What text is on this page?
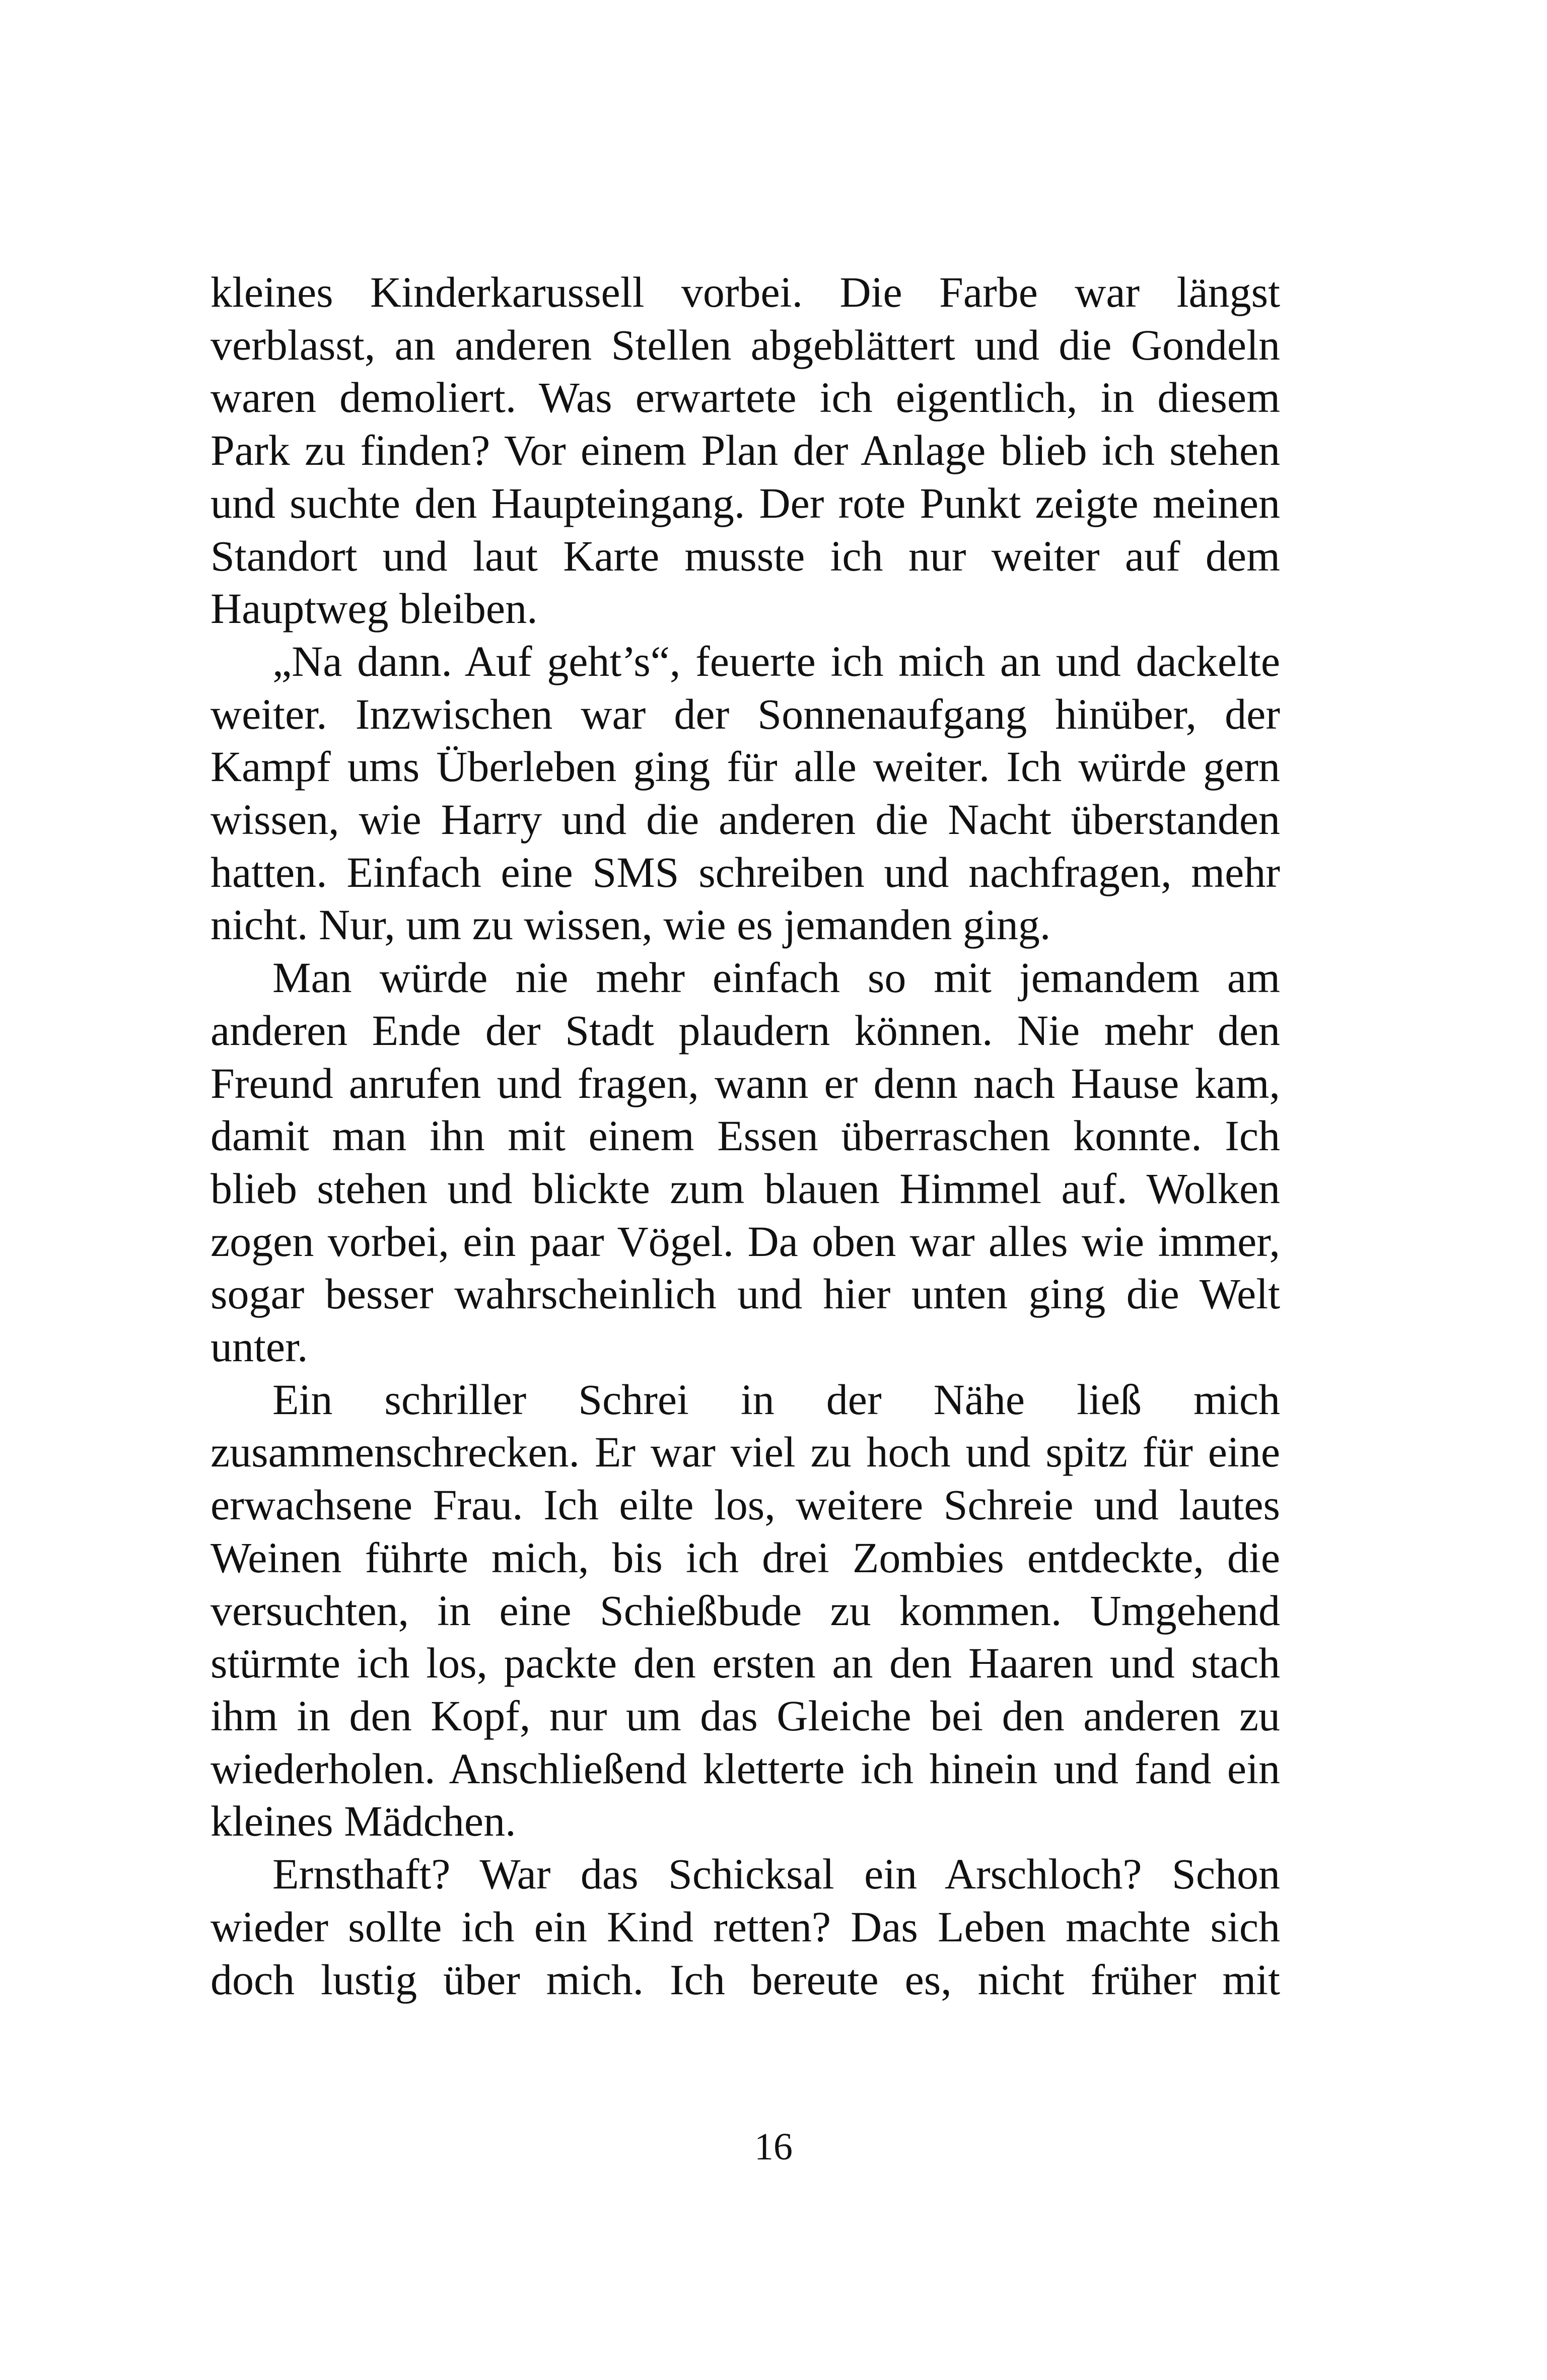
kleines Kinderkarussell vorbei. Die Farbe war längst verblasst, an anderen Stellen abgeblättert und die Gondeln waren demoliert. Was erwartete ich eigentlich, in diesem Park zu finden? Vor einem Plan der Anlage blieb ich stehen und suchte den Haupteingang. Der rote Punkt zeigte meinen Standort und laut Karte musste ich nur weiter auf dem Hauptweg bleiben.

„Na dann. Auf geht’s“, feuerte ich mich an und dackelte weiter. Inzwischen war der Sonnenaufgang hinüber, der Kampf ums Überleben ging für alle weiter. Ich würde gern wissen, wie Harry und die anderen die Nacht überstanden hatten. Einfach eine SMS schreiben und nachfragen, mehr nicht. Nur, um zu wissen, wie es jemanden ging.

Man würde nie mehr einfach so mit jemandem am anderen Ende der Stadt plaudern können. Nie mehr den Freund anrufen und fragen, wann er denn nach Hause kam, damit man ihn mit einem Essen überraschen konnte. Ich blieb stehen und blickte zum blauen Himmel auf. Wolken zogen vorbei, ein paar Vögel. Da oben war alles wie immer, sogar besser wahrscheinlich und hier unten ging die Welt unter.

Ein schriller Schrei in der Nähe ließ mich zusammenschrecken. Er war viel zu hoch und spitz für eine erwachsene Frau. Ich eilte los, weitere Schreie und lautes Weinen führte mich, bis ich drei Zombies entdeckte, die versuchten, in eine Schießbude zu kommen. Umgehend stürmte ich los, packte den ersten an den Haaren und stach ihm in den Kopf, nur um das Gleiche bei den anderen zu wiederholen. Anschließend kletterte ich hinein und fand ein kleines Mädchen.

Ernsthaft? War das Schicksal ein Arschloch? Schon wieder sollte ich ein Kind retten? Das Leben machte sich doch lustig über mich. Ich bereute es, nicht früher mit

16
